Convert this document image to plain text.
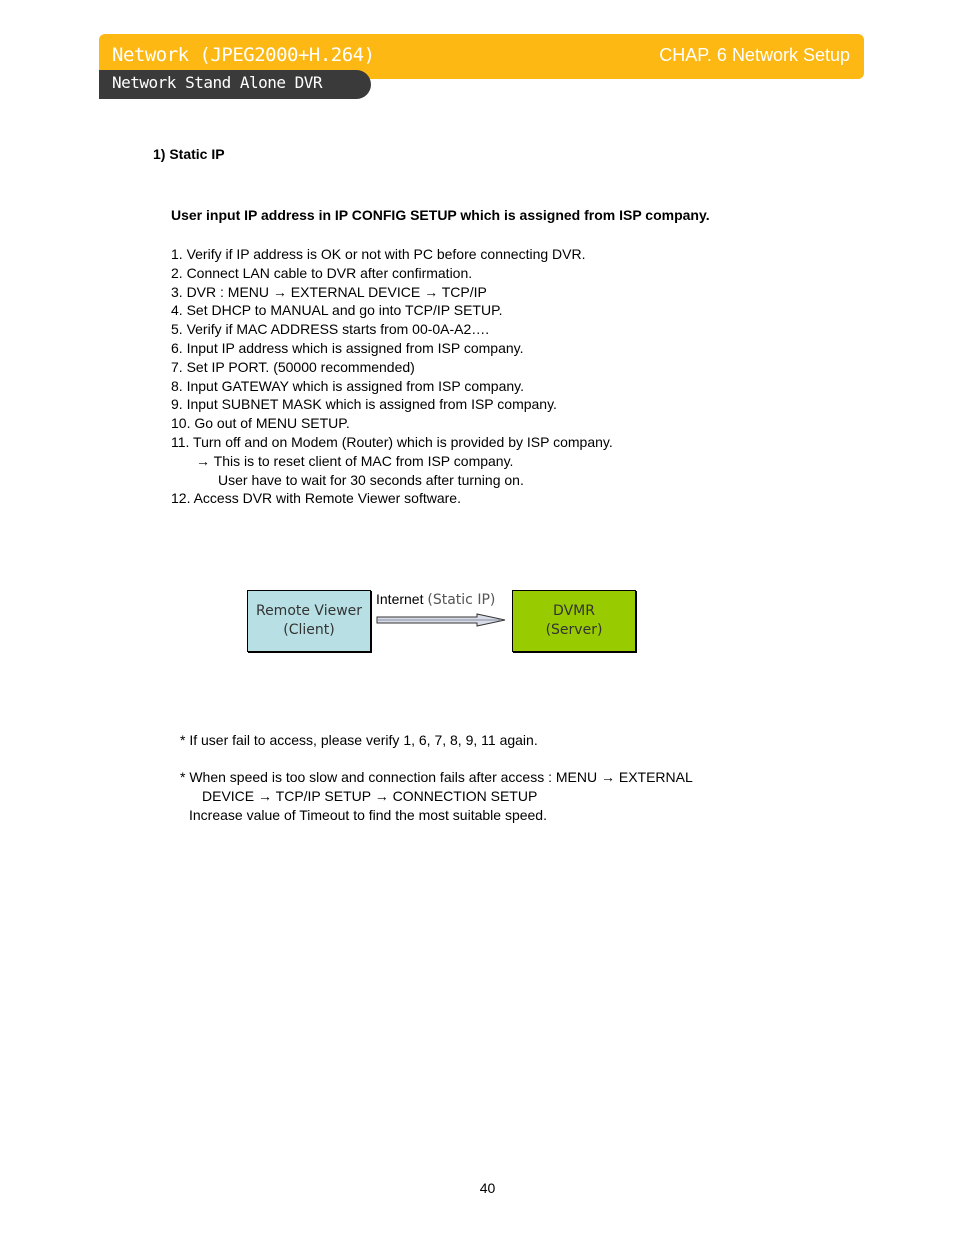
Network (JPEG2000+H.264)	CHAP. 6 Network Setup
Network Stand Alone DVR
1) Static IP
User input IP address in IP CONFIG SETUP which is assigned from ISP company.
1. Verify if IP address is OK or not with PC before connecting DVR.
2. Connect LAN cable to DVR after confirmation.
3. DVR : MENU → EXTERNAL DEVICE → TCP/IP
4. Set DHCP to MANUAL and go into TCP/IP SETUP.
5. Verify if MAC ADDRESS starts from 00-0A-A2….
6. Input IP address which is assigned from ISP company.
7. Set IP PORT. (50000 recommended)
8. Input GATEWAY which is assigned from ISP company.
9. Input SUBNET MASK which is assigned from ISP company.
10. Go out of MENU SETUP.
11. Turn off and on Modem (Router) which is provided by ISP company.
→ This is to reset client of MAC from ISP company.
User have to wait for 30 seconds after turning on.
12. Access DVR with Remote Viewer software.
Remote Viewer
(Client)
Internet (Static IP)
DVMR
(Server)
* If user fail to access, please verify 1, 6, 7, 8, 9, 11 again.
* When speed is too slow and connection fails after access : MENU → EXTERNAL
DEVICE → TCP/IP SETUP → CONNECTION SETUP
Increase value of Timeout to find the most suitable speed.
40
